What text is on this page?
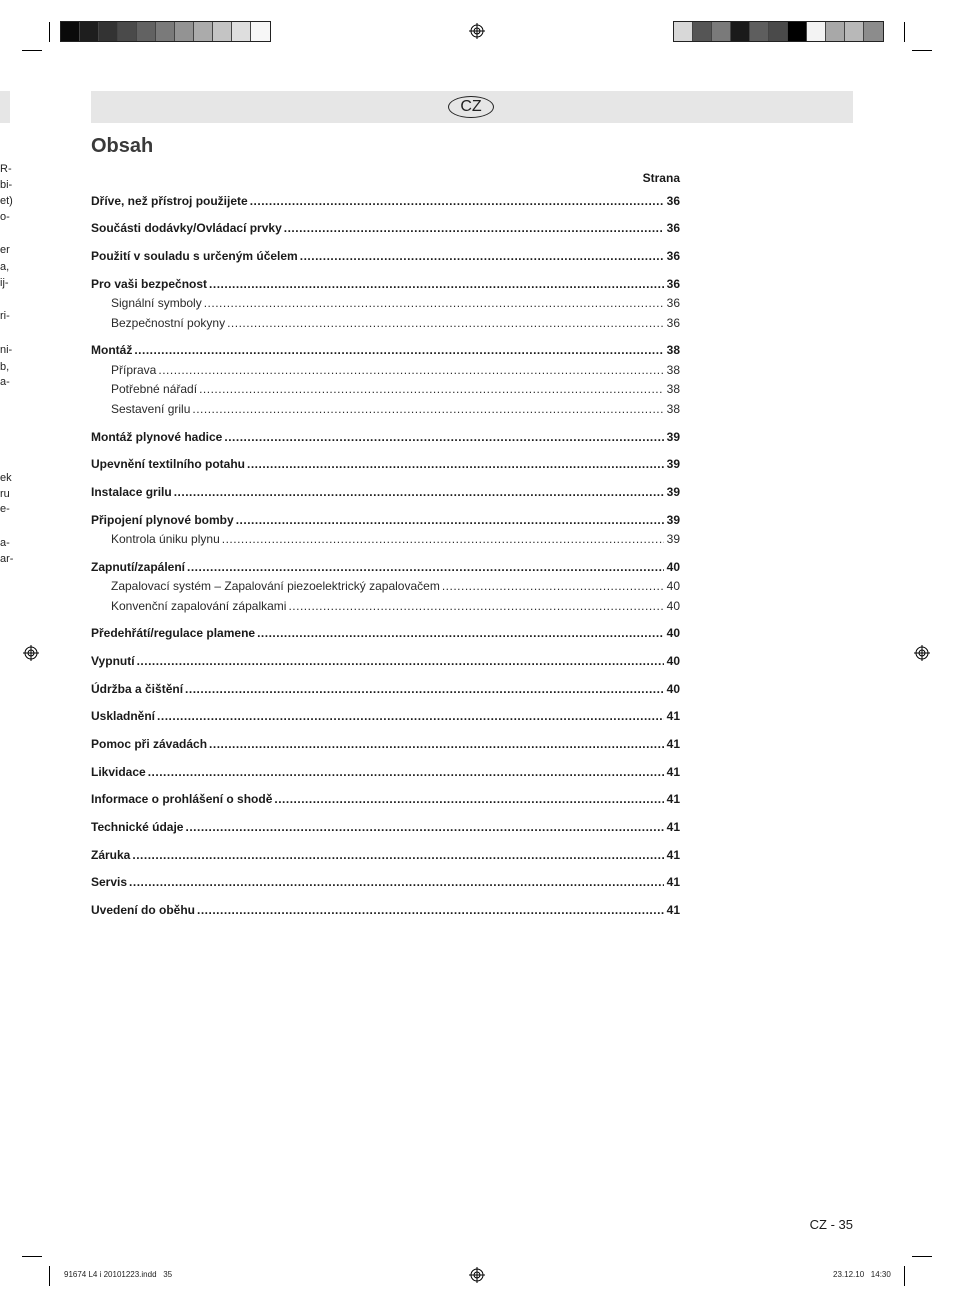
R-
bi-
et)
o-
er
a,
ij-
ri-
ni-
b,
a-
ek
ru
e-
a-
ar-
CZ
Obsah
Strana
Dříve, než přístroj použijete .....	36
Součásti dodávky/Ovládací prvky .....	36
Použití v souladu s určeným účelem .....	36
Pro vaši bezpečnost .....	36
Signální symboly .....	36
Bezpečnostní pokyny .....	36
Montáž .....	38
Příprava .....	38
Potřebné nářadí .....	38
Sestavení grilu .....	38
Montáž plynové hadice .....	39
Upevnění textilního potahu .....	39
Instalace grilu .....	39
Připojení plynové bomby .....	39
Kontrola úniku plynu .....	39
Zapnutí/zapálení .....	40
Zapalovací systém – Zapalování piezoelektrický zapalovačem .....	40
Konvenční zapalování zápalkami .....	40
Předehřátí/regulace plamene .....	40
Vypnutí .....	40
Údržba a čištění .....	40
Uskladnění .....	41
Pomoc při závadách .....	41
Likvidace .....	41
Informace o prohlášení o shodě .....	41
Technické údaje .....	41
Záruka .....	41
Servis .....	41
Uvedení do oběhu .....	41
CZ - 35
91674 L4 i 20101223.indd   35	23.12.10   14:30
